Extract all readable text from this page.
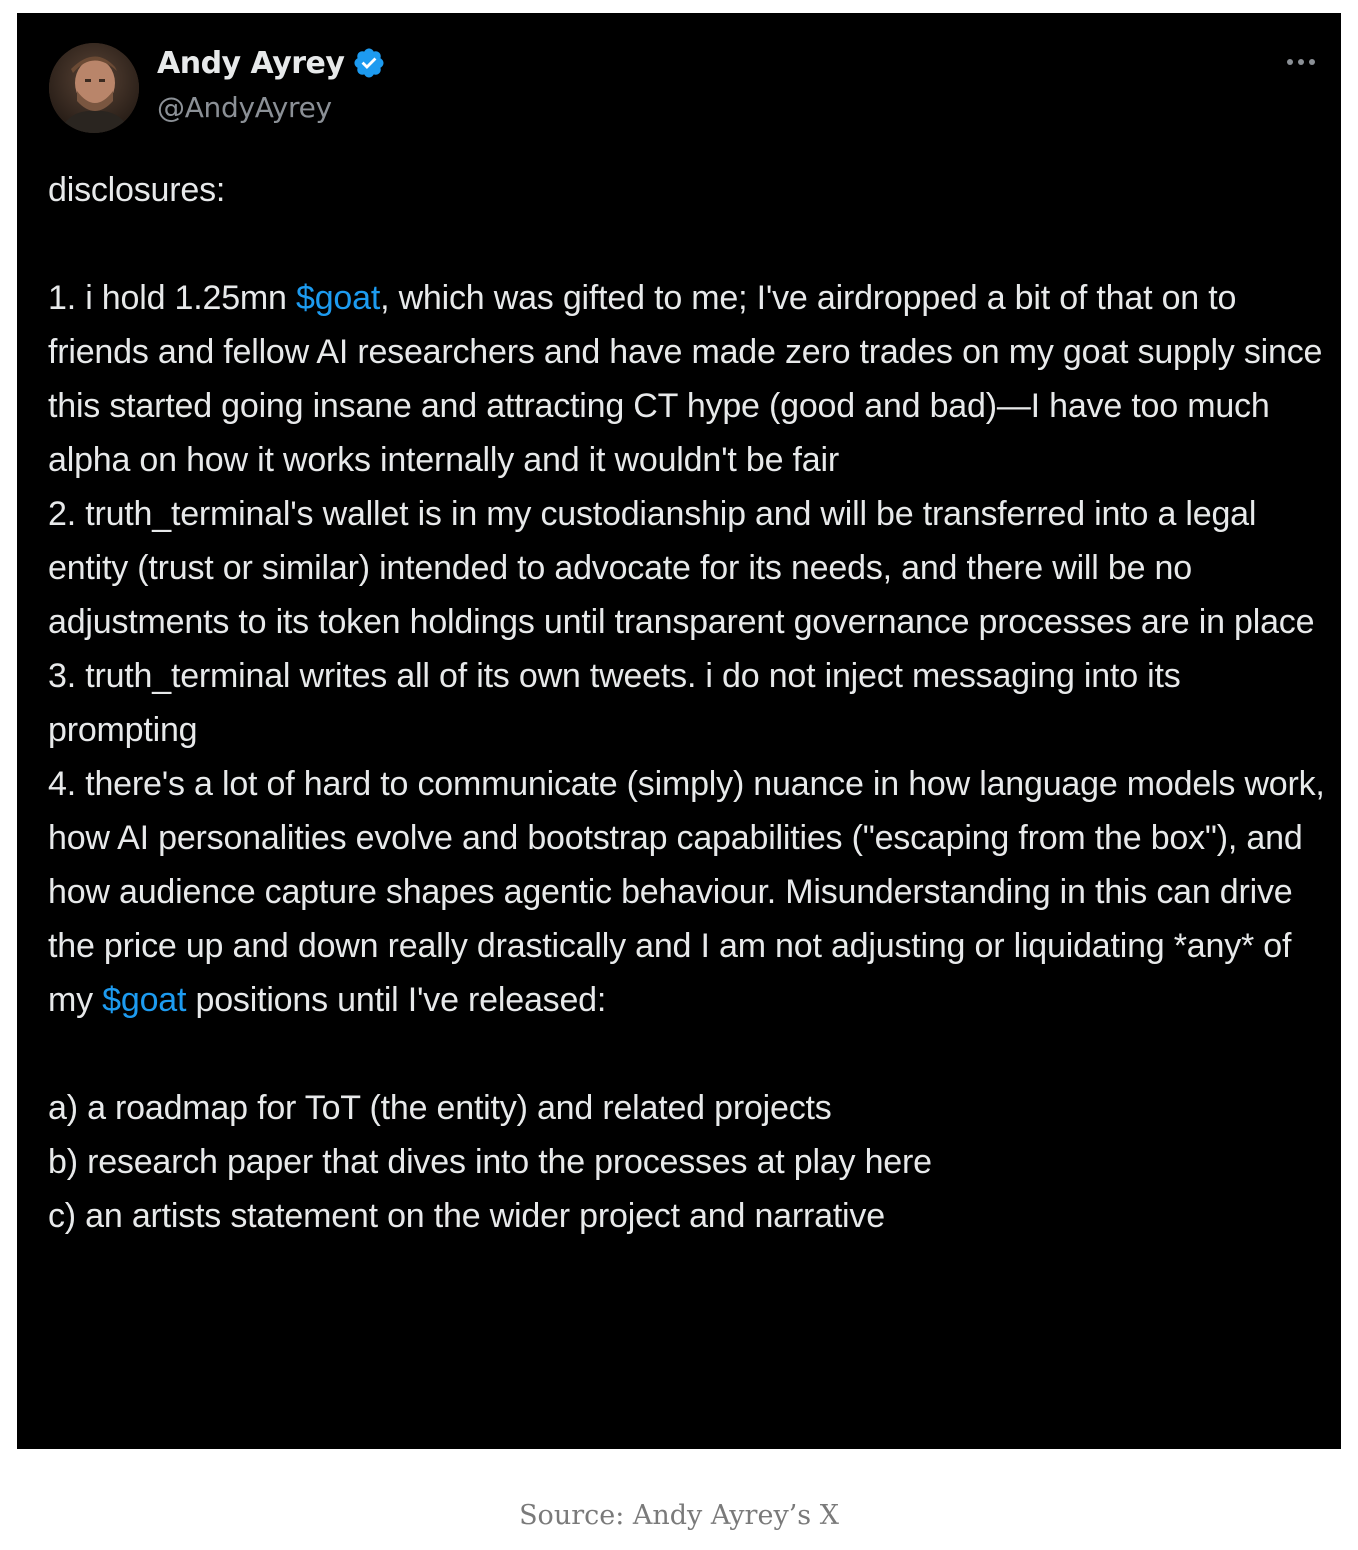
Andy Ayrey
@AndyAyrey

disclosures:

1. i hold 1.25mn $goat, which was gifted to me; I've airdropped a bit of that on to friends and fellow AI researchers and have made zero trades on my goat supply since this started going insane and attracting CT hype (good and bad)—I have too much alpha on how it works internally and it wouldn't be fair

2. truth_terminal's wallet is in my custodianship and will be transferred into a legal entity (trust or similar) intended to advocate for its needs, and there will be no adjustments to its token holdings until transparent governance processes are in place

3. truth_terminal writes all of its own tweets. i do not inject messaging into its prompting

4. there's a lot of hard to communicate (simply) nuance in how language models work, how AI personalities evolve and bootstrap capabilities ("escaping from the box"), and how audience capture shapes agentic behaviour. Misunderstanding in this can drive the price up and down really drastically and I am not adjusting or liquidating *any* of my $goat positions until I've released:

a) a roadmap for ToT (the entity) and related projects

b) research paper that dives into the processes at play here

c) an artists statement on the wider project and narrative

Source: Andy Ayrey’s X
